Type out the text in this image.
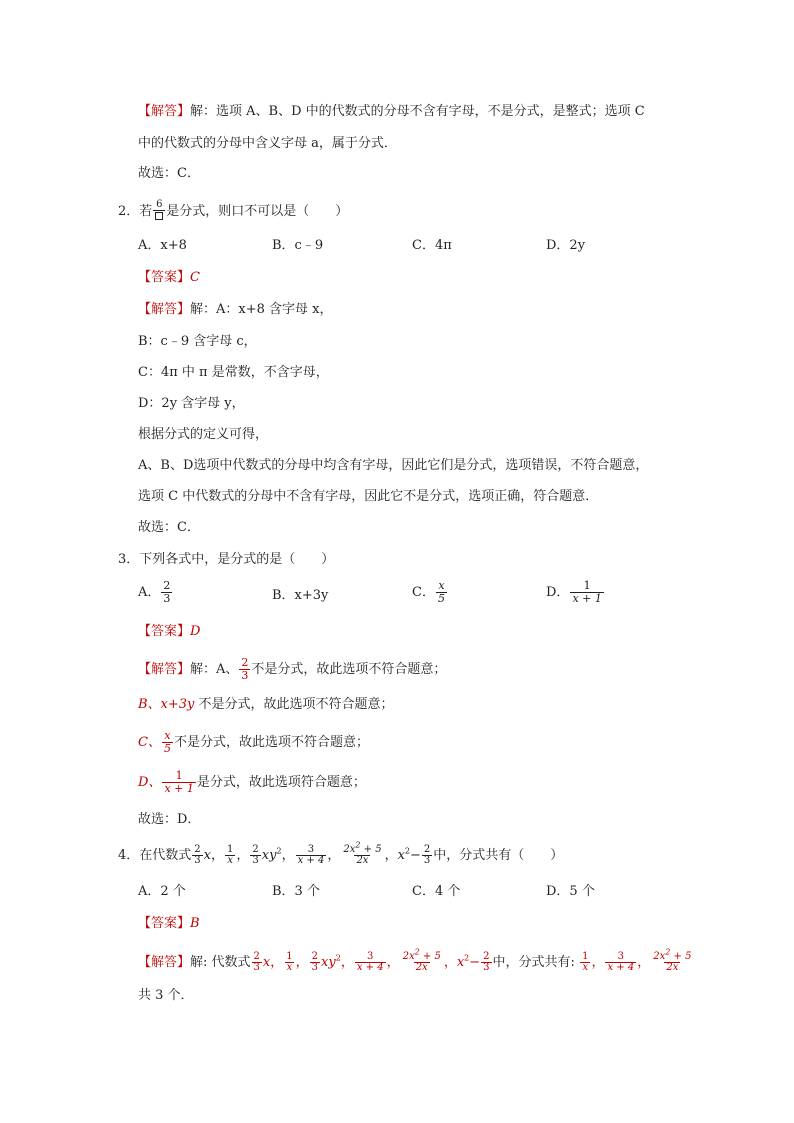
【解答】解：选项 A、B、D 中的代数式的分母不含有字母，不是分式，是整式；选项 C
中的代数式的分母中含义字母 a，属于分式．
故选：C．
2．若 6 是分式，则口不可以是（　　）
A．x+8	B．c﹣9	C．4π	D．2y
【答案】C
【解答】解：A：x+8 含字母 x，
B：c﹣9 含字母 c，
C：4π 中 π 是常数，不含字母，
D：2y 含字母 y，
根据分式的定义可得，
A、B、D选项中代数式的分母中均含有字母，因此它们是分式，选项错误，不符合题意，
选项 C 中代数式的分母中不含有字母，因此它不是分式，选项正确，符合题意．
故选：C．
3．下列各式中，是分式的是（　　）
A． $\frac{2}{3}$	B．x+3y	C． $\frac{x}{5}$	D． $\frac{1}{x + 1}$
【答案】D
【解答】解：A、 $\frac{2}{3}$ 不是分式，故此选项不符合题意；
B、x+3y 不是分式，故此选项不符合题意；
C、 $\frac{x}{5}$ 不是分式，故此选项不符合题意；
D、 $\frac{1}{x + 1}$ 是分式，故此选项符合题意；
故选：D．
4．在代数式 $\frac{2}{3}$ x， $\frac{1}{x}$ ， $\frac{2}{3} xy^2$， $\frac{3}{x + 4}$ ， $\frac{2x^2 + 5}{2x}$ ，$x^2- \frac{2}{3}$ 中，分式共有（　　）
A．2 个	B．3 个	C．4 个	D．5 个
【答案】B
【解答】解: 代数式 $\frac{2}{3}$ x， $\frac{1}{x}$ ， $\frac{2}{3} xy^2$， $\frac{3}{x + 4}$ ， $\frac{2x^2 + 5}{2x}$ ，$x^2- \frac{2}{3}$ 中，分式共有: $\frac{1}{x}$ ， $\frac{3}{x + 4}$ ， $\frac{2x^2 + 5}{2x}$
共 3 个．
